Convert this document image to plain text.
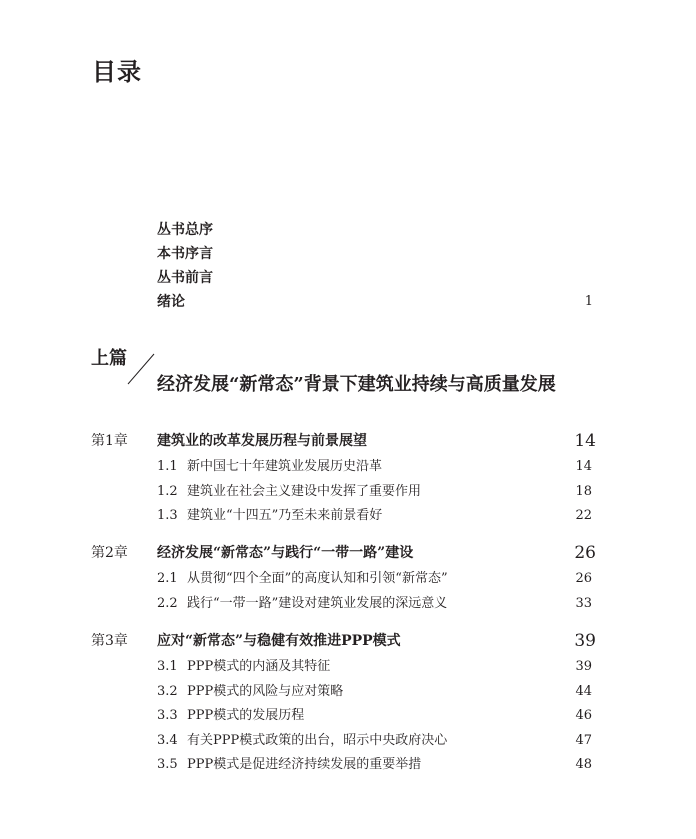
目录
丛书总序
本书序言
丛书前言
绪论	1
上篇
经济发展“新常态”背景下建筑业持续与高质量发展
第1章 建筑业的改革发展历程与前景展望	14
1.1 新中国七十年建筑业发展历史沿革	14
1.2 建筑业在社会主义建设中发挥了重要作用	18
1.3 建筑业“十四五”乃至未来前景看好	22
第2章 经济发展“新常态”与践行“一带一路”建设	26
2.1 从贯彻“四个全面”的高度认知和引领“新常态”	26
2.2 践行“一带一路”建设对建筑业发展的深远意义	33
第3章 应对“新常态”与稳健有效推进PPP模式	39
3.1 PPP模式的内涵及其特征	39
3.2 PPP模式的风险与应对策略	44
3.3 PPP模式的发展历程	46
3.4 有关PPP模式政策的出台，昭示中央政府决心	47
3.5 PPP模式是促进经济持续发展的重要举措	48
